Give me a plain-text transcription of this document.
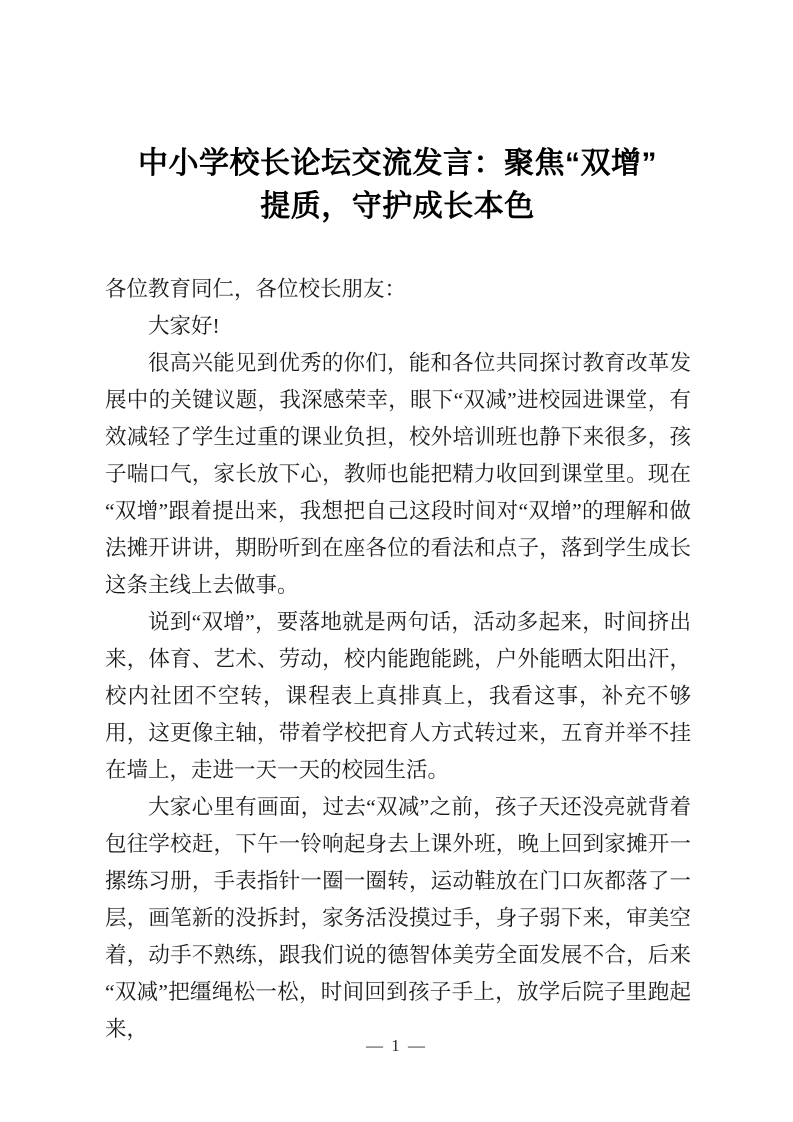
中小学校长论坛交流发言：聚焦“双增”
提质，守护成长本色

各位教育同仁，各位校长朋友：

大家好!

很高兴能见到优秀的你们，能和各位共同探讨教育改革发展中的关键议题，我深感荣幸，眼下“双减”进校园进课堂，有效减轻了学生过重的课业负担，校外培训班也静下来很多，孩子喘口气，家长放下心，教师也能把精力收回到课堂里。现在“双增”跟着提出来，我想把自己这段时间对“双增”的理解和做法摊开讲讲，期盼听到在座各位的看法和点子，落到学生成长这条主线上去做事。

说到“双增”，要落地就是两句话，活动多起来，时间挤出来，体育、艺术、劳动，校内能跑能跳，户外能晒太阳出汗，校内社团不空转，课程表上真排真上，我看这事，补充不够用，这更像主轴，带着学校把育人方式转过来，五育并举不挂在墙上，走进一天一天的校园生活。

大家心里有画面，过去“双减”之前，孩子天还没亮就背着包往学校赶，下午一铃响起身去上课外班，晚上回到家摊开一摞练习册，手表指针一圈一圈转，运动鞋放在门口灰都落了一层，画笔新的没拆封，家务活没摸过手，身子弱下来，审美空着，动手不熟练，跟我们说的德智体美劳全面发展不合，后来“双减”把缰绳松一松，时间回到孩子手上，放学后院子里跑起来，

— 1 —
